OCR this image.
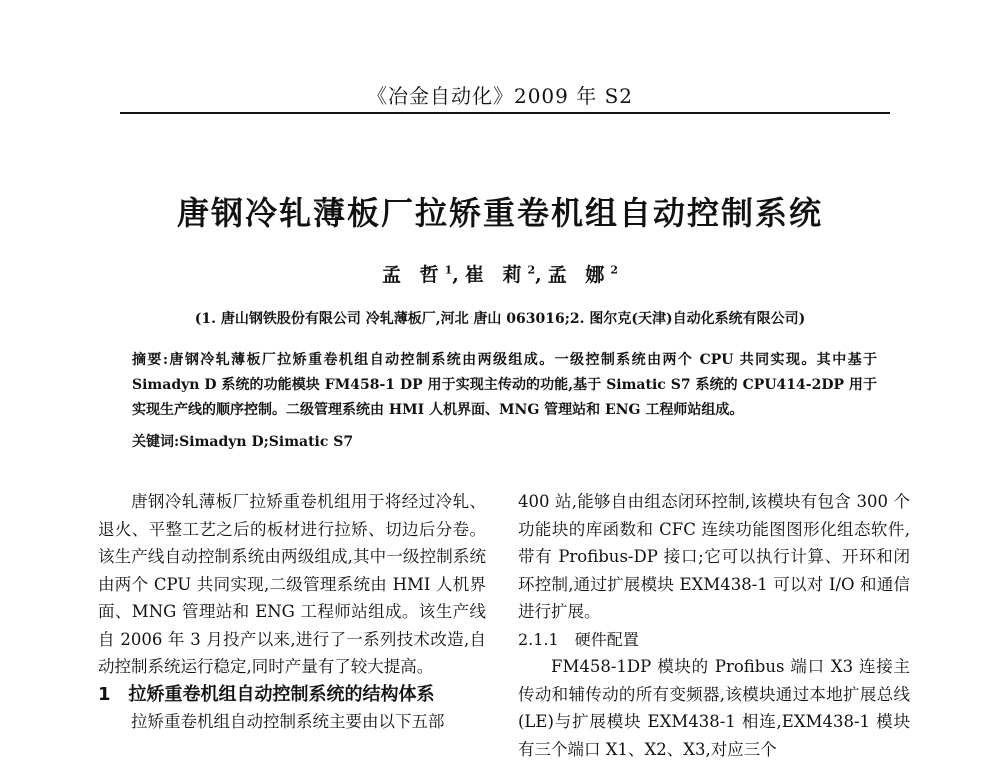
《冶金自动化》2009 年 S2
唐钢冷轧薄板厂拉矫重卷机组自动控制系统
孟 哲$^1$,崔 莉$^2$,孟 娜$^2$
(1. 唐山钢铁股份有限公司 冷轧薄板厂,河北 唐山 063016;2. 图尔克(天津)自动化系统有限公司)
摘要:唐钢冷轧薄板厂拉矫重卷机组自动控制系统由两级组成。一级控制系统由两个 CPU 共同实现。其中基于 Simadyn D 系统的功能模块 FM458-1 DP 用于实现主传动的功能,基于 Simatic S7 系统的 CPU414-2DP 用于实现生产线的顺序控制。二级管理系统由 HMI 人机界面、MNG 管理站和 ENG 工程师站组成。
关键词:Simadyn D;Simatic S7

唐钢冷轧薄板厂拉矫重卷机组用于将经过冷轧、退火、平整工艺之后的板材进行拉矫、切边后分卷。该生产线自动控制系统由两级组成,其中一级控制系统由两个 CPU 共同实现,二级管理系统由 HMI 人机界面、MNG 管理站和 ENG 工程师站组成。该生产线自 2006 年 3 月投产以来,进行了一系列技术改造,自动控制系统运行稳定,同时产量有了较大提高。

1　拉矫重卷机组自动控制系统的结构体系

拉矫重卷机组自动控制系统主要由以下五部

400 站,能够自由组态闭环控制,该模块有包含 300 个功能块的库函数和 CFC 连续功能图图形化组态软件,带有 Profibus-DP 接口;它可以执行计算、开环和闭环控制,通过扩展模块 EXM438-1 可以对 I/O 和通信进行扩展。

2.1.1　硬件配置

FM458-1DP 模块的 Profibus 端口 X3 连接主传动和辅传动的所有变频器,该模块通过本地扩展总线(LE)与扩展模块 EXM438-1 相连,EXM438-1 模块有三个端口 X1、X2、X3,对应三个
